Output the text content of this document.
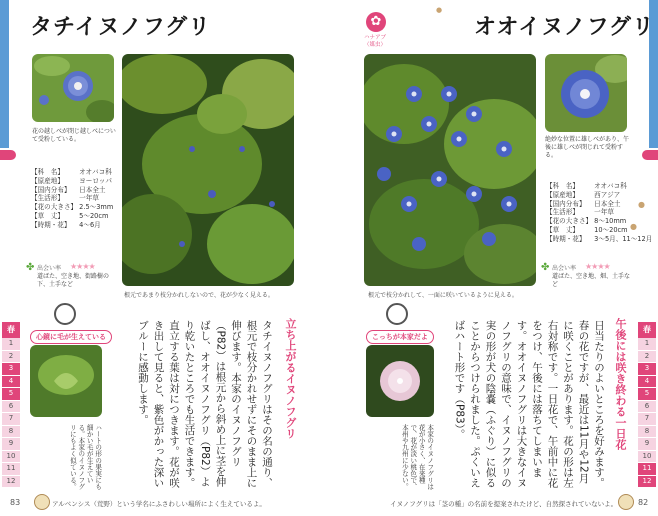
タチイヌノフグリ
花の越しべが閉じ越しべについて受粉している。
【科　名】	オオバコ科
【原産地】	ヨーロッパ
【国内分布】	日本全土
【生活形】	一年草
【花の大きさ】	2.5〜3mm
【草　丈】	5〜20cm
【時期・花】	4〜6月
✤ 出会い率 ★★★★
道ばた、空き地、街路樹の下、土手など
根元であまり枝分かれしないので、花が少なく見える。
心鏡に毛が生えている
ハートの形の果実にも細かい毛が生えている。本家のイヌノフグリにもよく似ている。
立ち上がるイヌノフグリ
タチイヌノフグリはその名の通り、根元で枝分かれせずにそのまま上に伸びます。本家のイヌノフグリ（P82）は根元から斜め上に茎を伸ばし、オオイヌノフグリ（P82）より乾いたところでも生活できます。直立する葉は対につきます。花が咲き出して見ると、紫色がかった深いブルーに感動します。
春
1
2
3
4
5
6
7
8
9
10
11
12
83	アルベンシス（荒野）という学名にふさわしい場所によく生えているよ。
✿
ハナアブ
（媒虫）
オオイヌノフグリ
根元で枝分かれして、一面に咲いているように見える。
絶妙な位置に雄しべがあり、午後に雄しべが閉じれて受粉する。
【科　名】	オオバコ科
【原産地】	西アジア
【国内分布】	日本全土
【生活形】	一年草
【花の大きさ】	8〜10mm
【草　丈】	10〜20cm
【時期・花】	3〜5月、11〜12月
✤ 出会い率 ★★★★
道ばた、空き地、畑、土手など
●
●
●
午後には咲き終わる一日花
日当たりのよいところを好みます。春の花ですが、最近は11月や12月に咲くことがあります。花の形は左右対称です。一日花で、午前中に花をつけ、午後には落ちてしまいます。オオイヌノフグリは大きなイヌノフグリの意味で、イヌノフグリの実の形が犬の陰嚢（ふぐり）に似ることからつけられました。ぷくいえばハート形です（P83）。
こっちが本家だよ
本家のイヌノフグリは花が小さく、在来種で、花が淡い桃色で、本州や九州に少ない。
春
1
2
3
4
5
6
7
8
9
10
11
12
イヌノフグリは「茎の種」の名前を提案されたけど、自然探されていないよ。	82
